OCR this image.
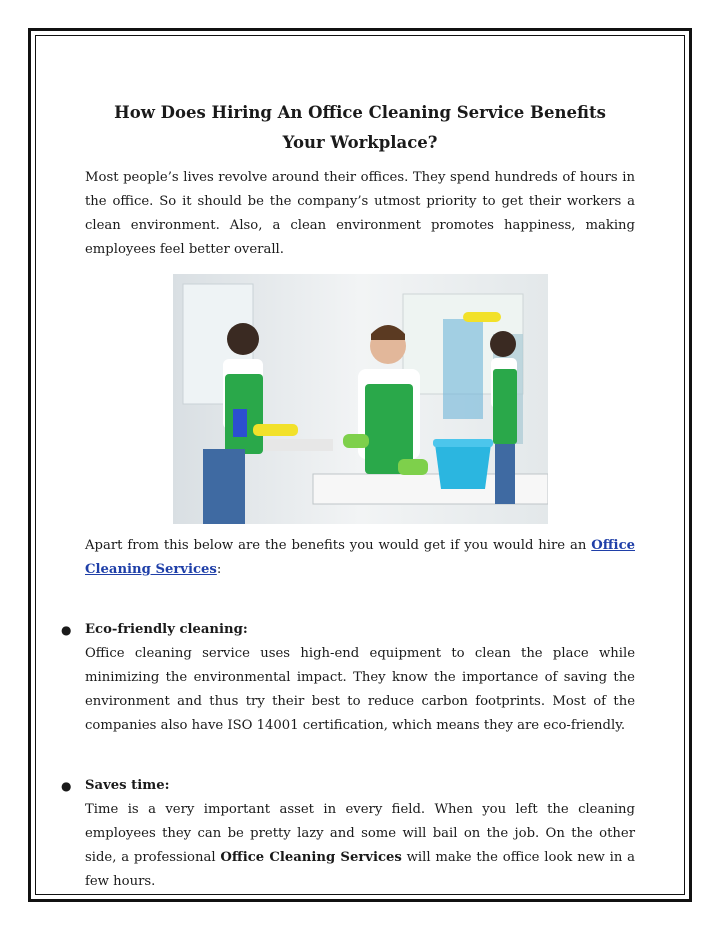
How Does Hiring An Office Cleaning Service Benefits Your Workplace?

Most people’s lives revolve around their offices. They spend hundreds of hours in the office. So it should be the company’s utmost priority to get their workers a clean environment. Also, a clean environment promotes happiness, making employees feel better overall.

Apart from this below are the benefits you would get if you would hire an Office Cleaning Services:

● Eco-friendly cleaning:

Office cleaning service uses high-end equipment to clean the place while minimizing the environmental impact. They know the importance of saving the environment and thus try their best to reduce carbon footprints. Most of the companies also have ISO 14001 certification, which means they are eco-friendly.

● Saves time:

Time is a very important asset in every field. When you left the cleaning employees they can be pretty lazy and some will bail on the job. On the other side, a professional Office Cleaning Services will make the office look new in a few hours.
